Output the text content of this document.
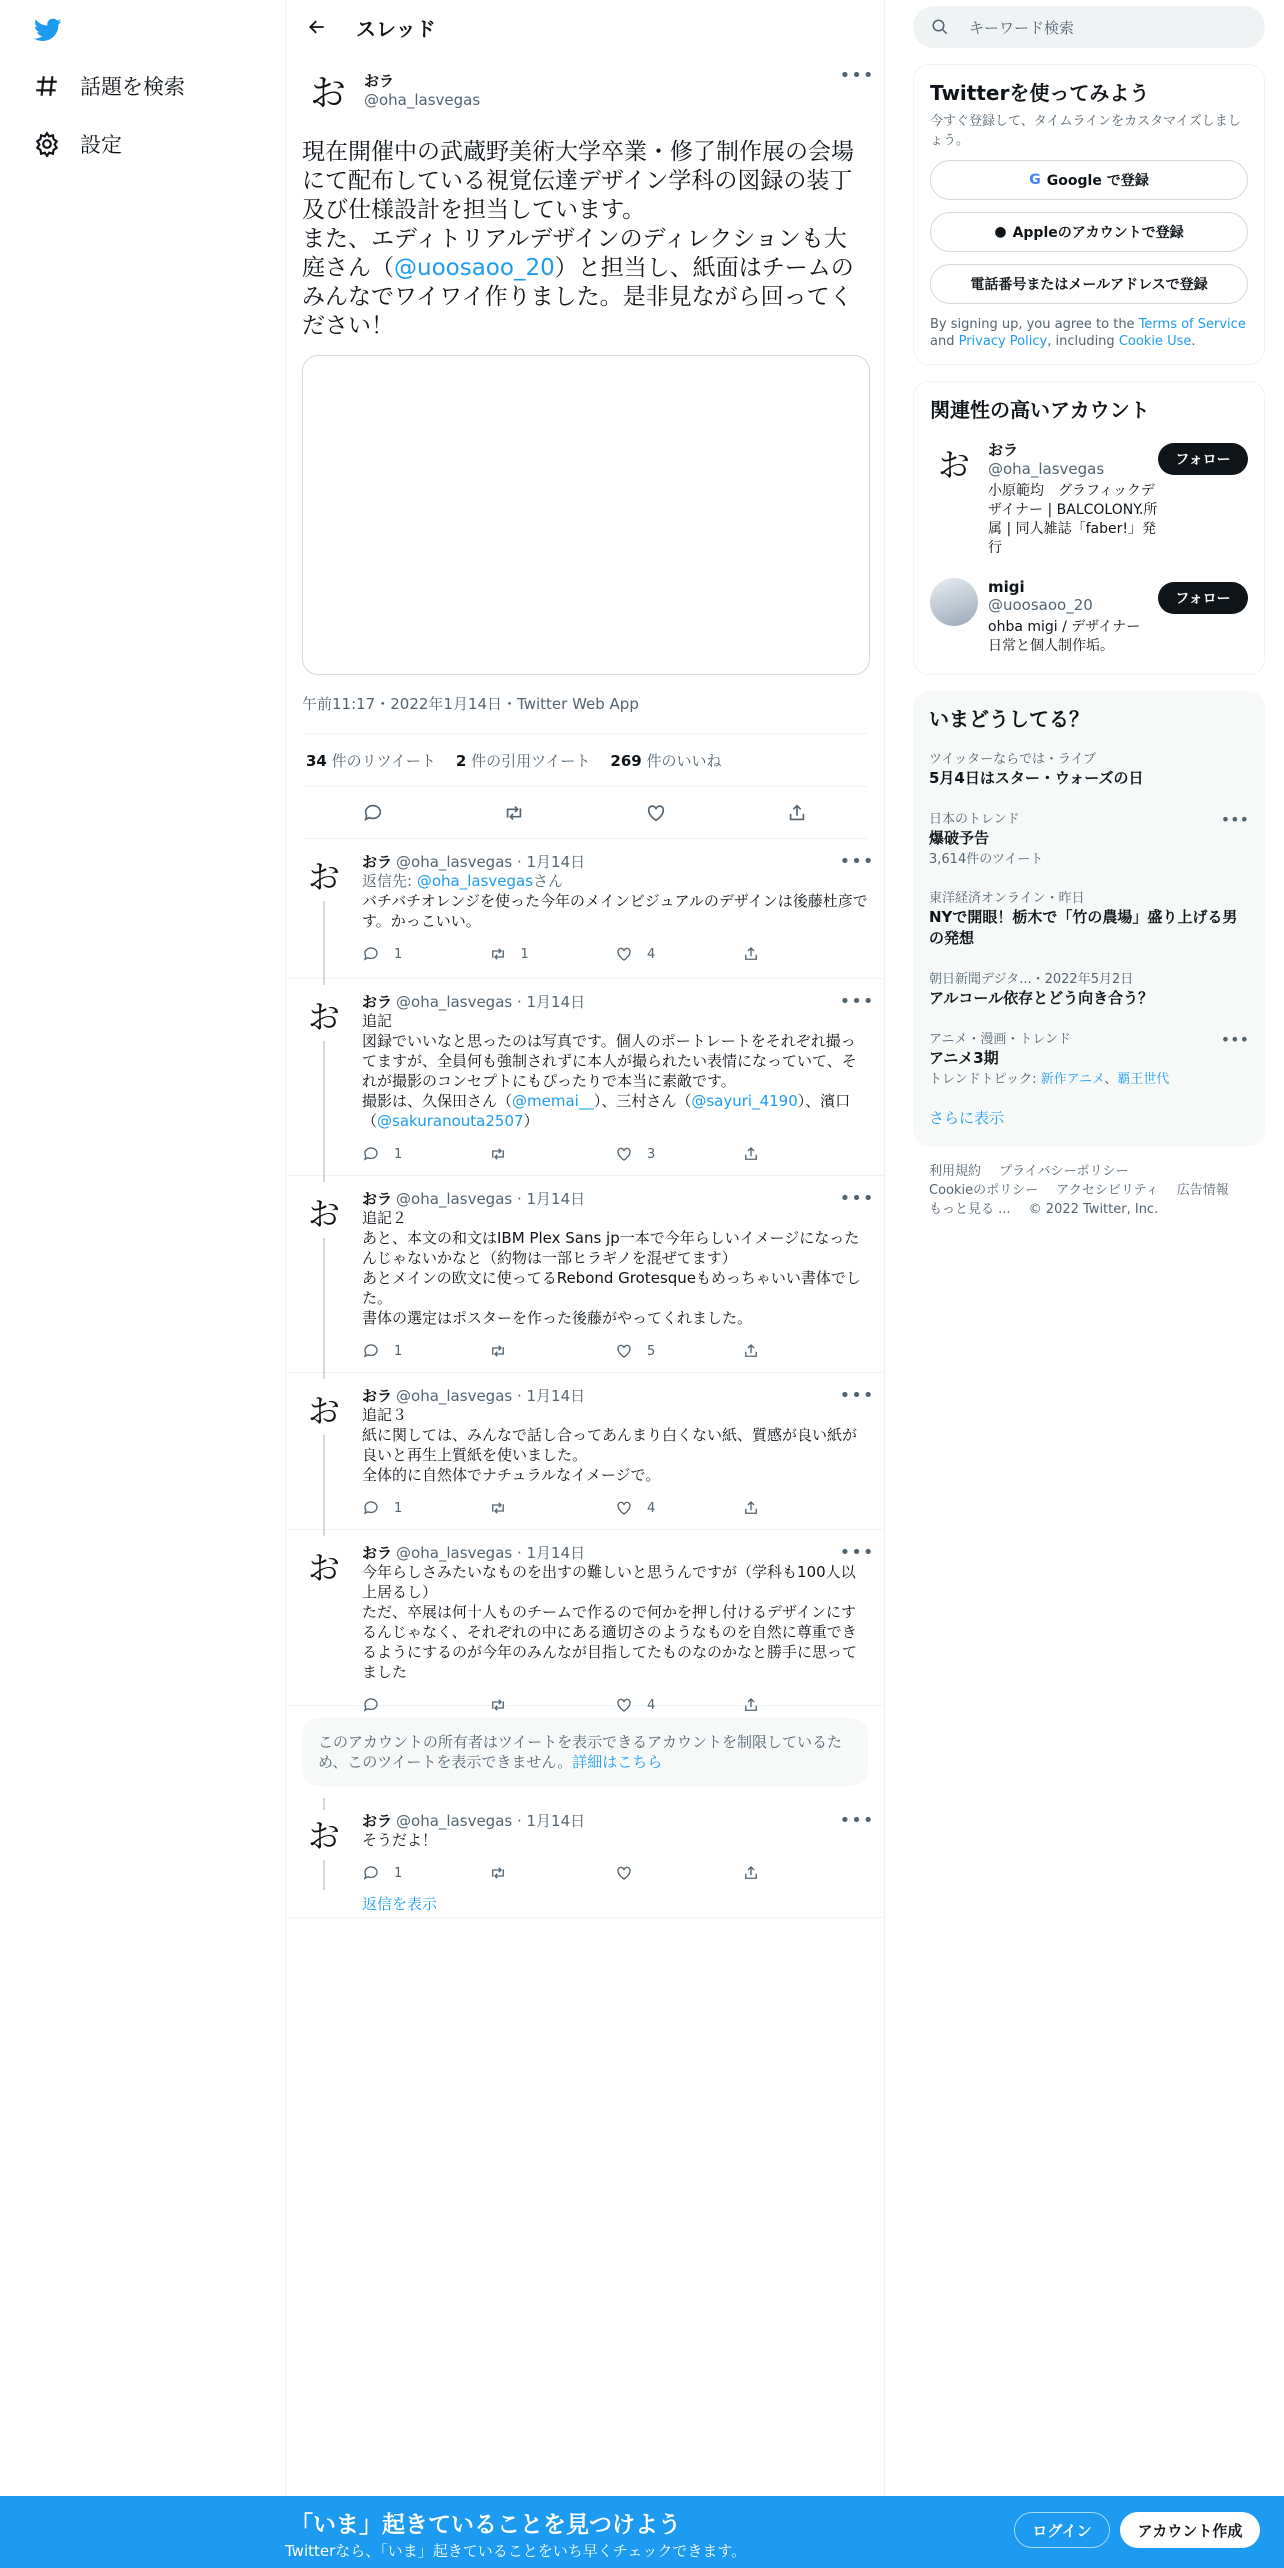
話題を検索
設定
スレッド
お	おラ
@oha_lasvegas
•••
現在開催中の武蔵野美術大学卒業・修了制作展の会場にて配布している視覚伝達デザイン学科の図録の装丁及び仕様設計を担当しています。
また、エディトリアルデザインのディレクションも大庭さん（@uoosaoo_20）と担当し、紙面はチームのみんなでワイワイ作りました。是非見ながら回ってください！
午前11:17・2022年1月14日・Twitter Web App
34 件のリツイート 2 件の引用ツイート 269 件のいいね
お	おラ @oha_lasvegas · 1月14日	•••
返信先: @oha_lasvegasさん
バチバチオレンジを使った今年のメインビジュアルのデザインは後藤杜彦です。かっこいい。
1	1	4
お	おラ @oha_lasvegas · 1月14日	•••
追記
図録でいいなと思ったのは写真です。個人のポートレートをそれぞれ撮ってますが、全員何も強制されずに本人が撮られたい表情になっていて、それが撮影のコンセプトにもぴったりで本当に素敵です。
撮影は、久保田さん（@memai__）、三村さん（@sayuri_4190）、濱口（@sakuranouta2507）
1	3
お	おラ @oha_lasvegas · 1月14日	•••
追記２
あと、本文の和文はIBM Plex Sans jp一本で今年らしいイメージになったんじゃないかなと（約物は一部ヒラギノを混ぜてます）
あとメインの欧文に使ってるRebond Grotesqueもめっちゃいい書体でした。
書体の選定はポスターを作った後藤がやってくれました。
1	5
お	おラ @oha_lasvegas · 1月14日	•••
追記３
紙に関しては、みんなで話し合ってあんまり白くない紙、質感が良い紙が良いと再生上質紙を使いました。
全体的に自然体でナチュラルなイメージで。
1	4
お	おラ @oha_lasvegas · 1月14日	•••
今年らしさみたいなものを出すの難しいと思うんですが（学科も100人以上居るし）
ただ、卒展は何十人ものチームで作るので何かを押し付けるデザインにするんじゃなく、それぞれの中にある適切さのようなものを自然に尊重できるようにするのが今年のみんなが目指してたものなのかなと勝手に思ってました
4
このアカウントの所有者はツイートを表示できるアカウントを制限しているため、このツイートを表示できません。詳細はこちら
お	おラ @oha_lasvegas · 1月14日	•••
そうだよ！
1
返信を表示
キーワード検索
Twitterを使ってみよう
今すぐ登録して、タイムラインをカスタマイズしましょう。
G Google で登録
● Appleのアカウントで登録
電話番号またはメールアドレスで登録
By signing up, you agree to the Terms of Service and Privacy Policy, including Cookie Use.
関連性の高いアカウント
お	おラ
@oha_lasvegas
小原範均　グラフィックデザイナー | BALCOLONY.所属 | 同人雑誌「faber!」発行
フォロー
migi
@uoosaoo_20
ohba migi / デザイナー 日常と個人制作垢。
フォロー
いまどうしてる？
ツイッターならでは・ライブ
5月4日はスター・ウォーズの日
日本のトレンド
爆破予告
3,614件のツイート
•••
東洋経済オンライン・昨日
NYで開眼！栃木で「竹の農場」盛り上げる男の発想
朝日新聞デジタ...・2022年5月2日
アルコール依存とどう向き合う？
アニメ・漫画・トレンド
アニメ3期
トレンドトピック: 新作アニメ、覇王世代
•••
さらに表示
利用規約 プライバシーポリシー
Cookieのポリシー アクセシビリティ 広告情報
もっと見る ... © 2022 Twitter, Inc.
「いま」起きていることを見つけよう
Twitterなら、「いま」起きていることをいち早くチェックできます。
ログイン	アカウント作成
